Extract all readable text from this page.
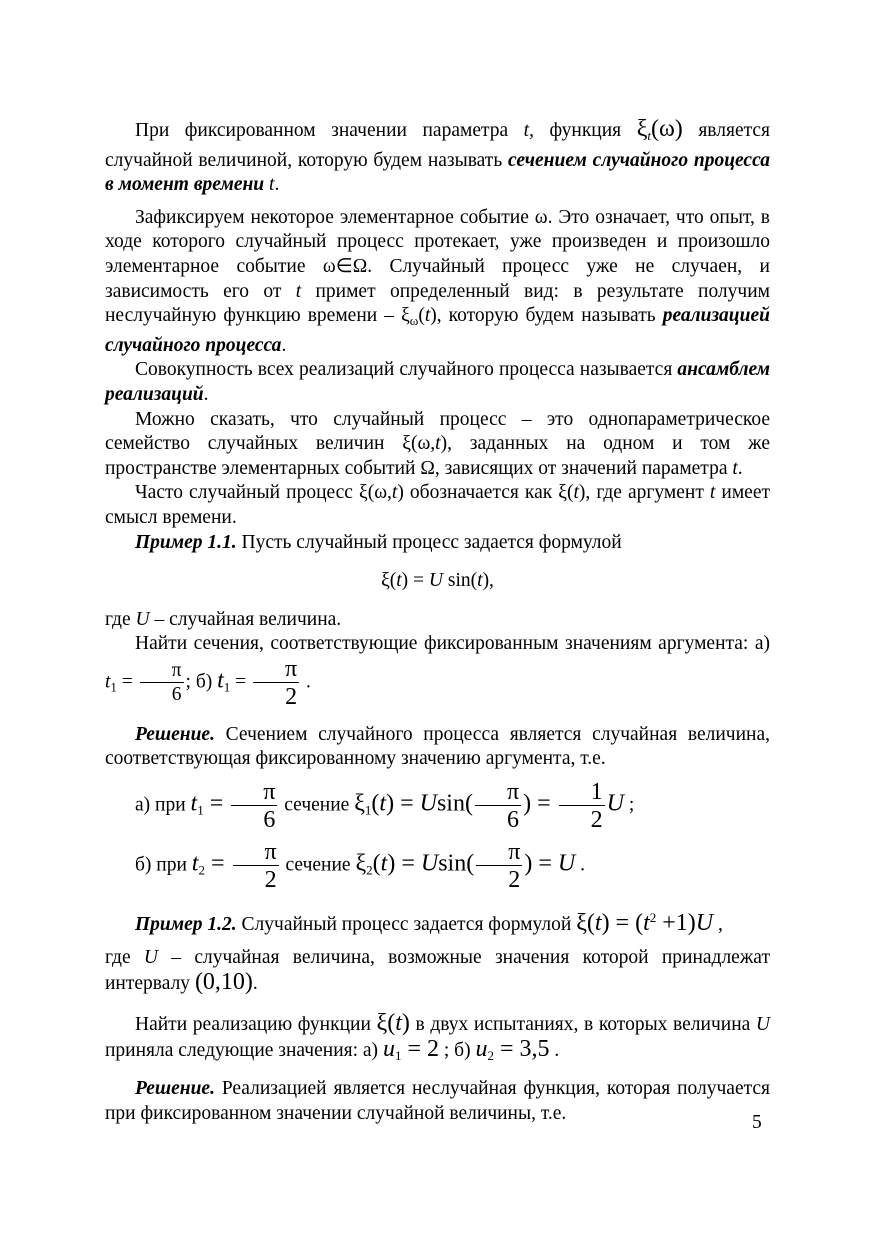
При фиксированном значении параметра t, функция $\xi_t(\omega)$ является случайной величиной, которую будем называть сечением случайного процесса в момент времени t.

Зафиксируем некоторое элементарное событие ω. Это означает, что опыт, в ходе которого случайный процесс протекает, уже произведен и произошло элементарное событие ω∈Ω. Случайный процесс уже не случаен, и зависимость его от t примет определенный вид: в результате получим неслучайную функцию времени – $\xi_\omega(t)$, которую будем называть реализацией случайного процесса.

Совокупность всех реализаций случайного процесса называется ансамблем реализаций.

Можно сказать, что случайный процесс – это однопараметрическое семейство случайных величин ξ(ω,t), заданных на одном и том же пространстве элементарных событий Ω, зависящих от значений параметра t.

Часто случайный процесс ξ(ω,t) обозначается как ξ(t), где аргумент t имеет смысл времени.

Пример 1.1. Пусть случайный процесс задается формулой

ξ(t) = U sin(t),

где U – случайная величина.

Найти сечения, соответствующие фиксированным значениям аргумента: а) $t_1 = \frac{\pi}{6}$ ; б) $t_1 = \frac{\pi}{2}$ .

Решение. Сечением случайного процесса является случайная величина, соответствующая фиксированному значению аргумента, т.е.

а) при $t_1 = \frac{\pi}{6}$ сечение $\xi_1(t) = Usin( \frac{\pi}{6}$ ) = $\frac{1}{2}$ U ;

б) при $t_2 = \frac{\pi}{2}$ сечение $\xi_2(t) = Usin( \frac{\pi}{2}$ ) = U .

Пример 1.2. Случайный процесс задается формулой $\xi(t) = (t^2 +1)U$ ,

где U – случайная величина, возможные значения которой принадлежат интервалу (0,10).

Найти реализацию функции ξ(t) в двух испытаниях, в которых величина U приняла следующие значения: а) $u_1 = 2$ ; б) $u_2 = 3,5$ .

Решение. Реализацией является неслучайная функция, которая получается при фиксированном значении случайной величины, т.е.	5
